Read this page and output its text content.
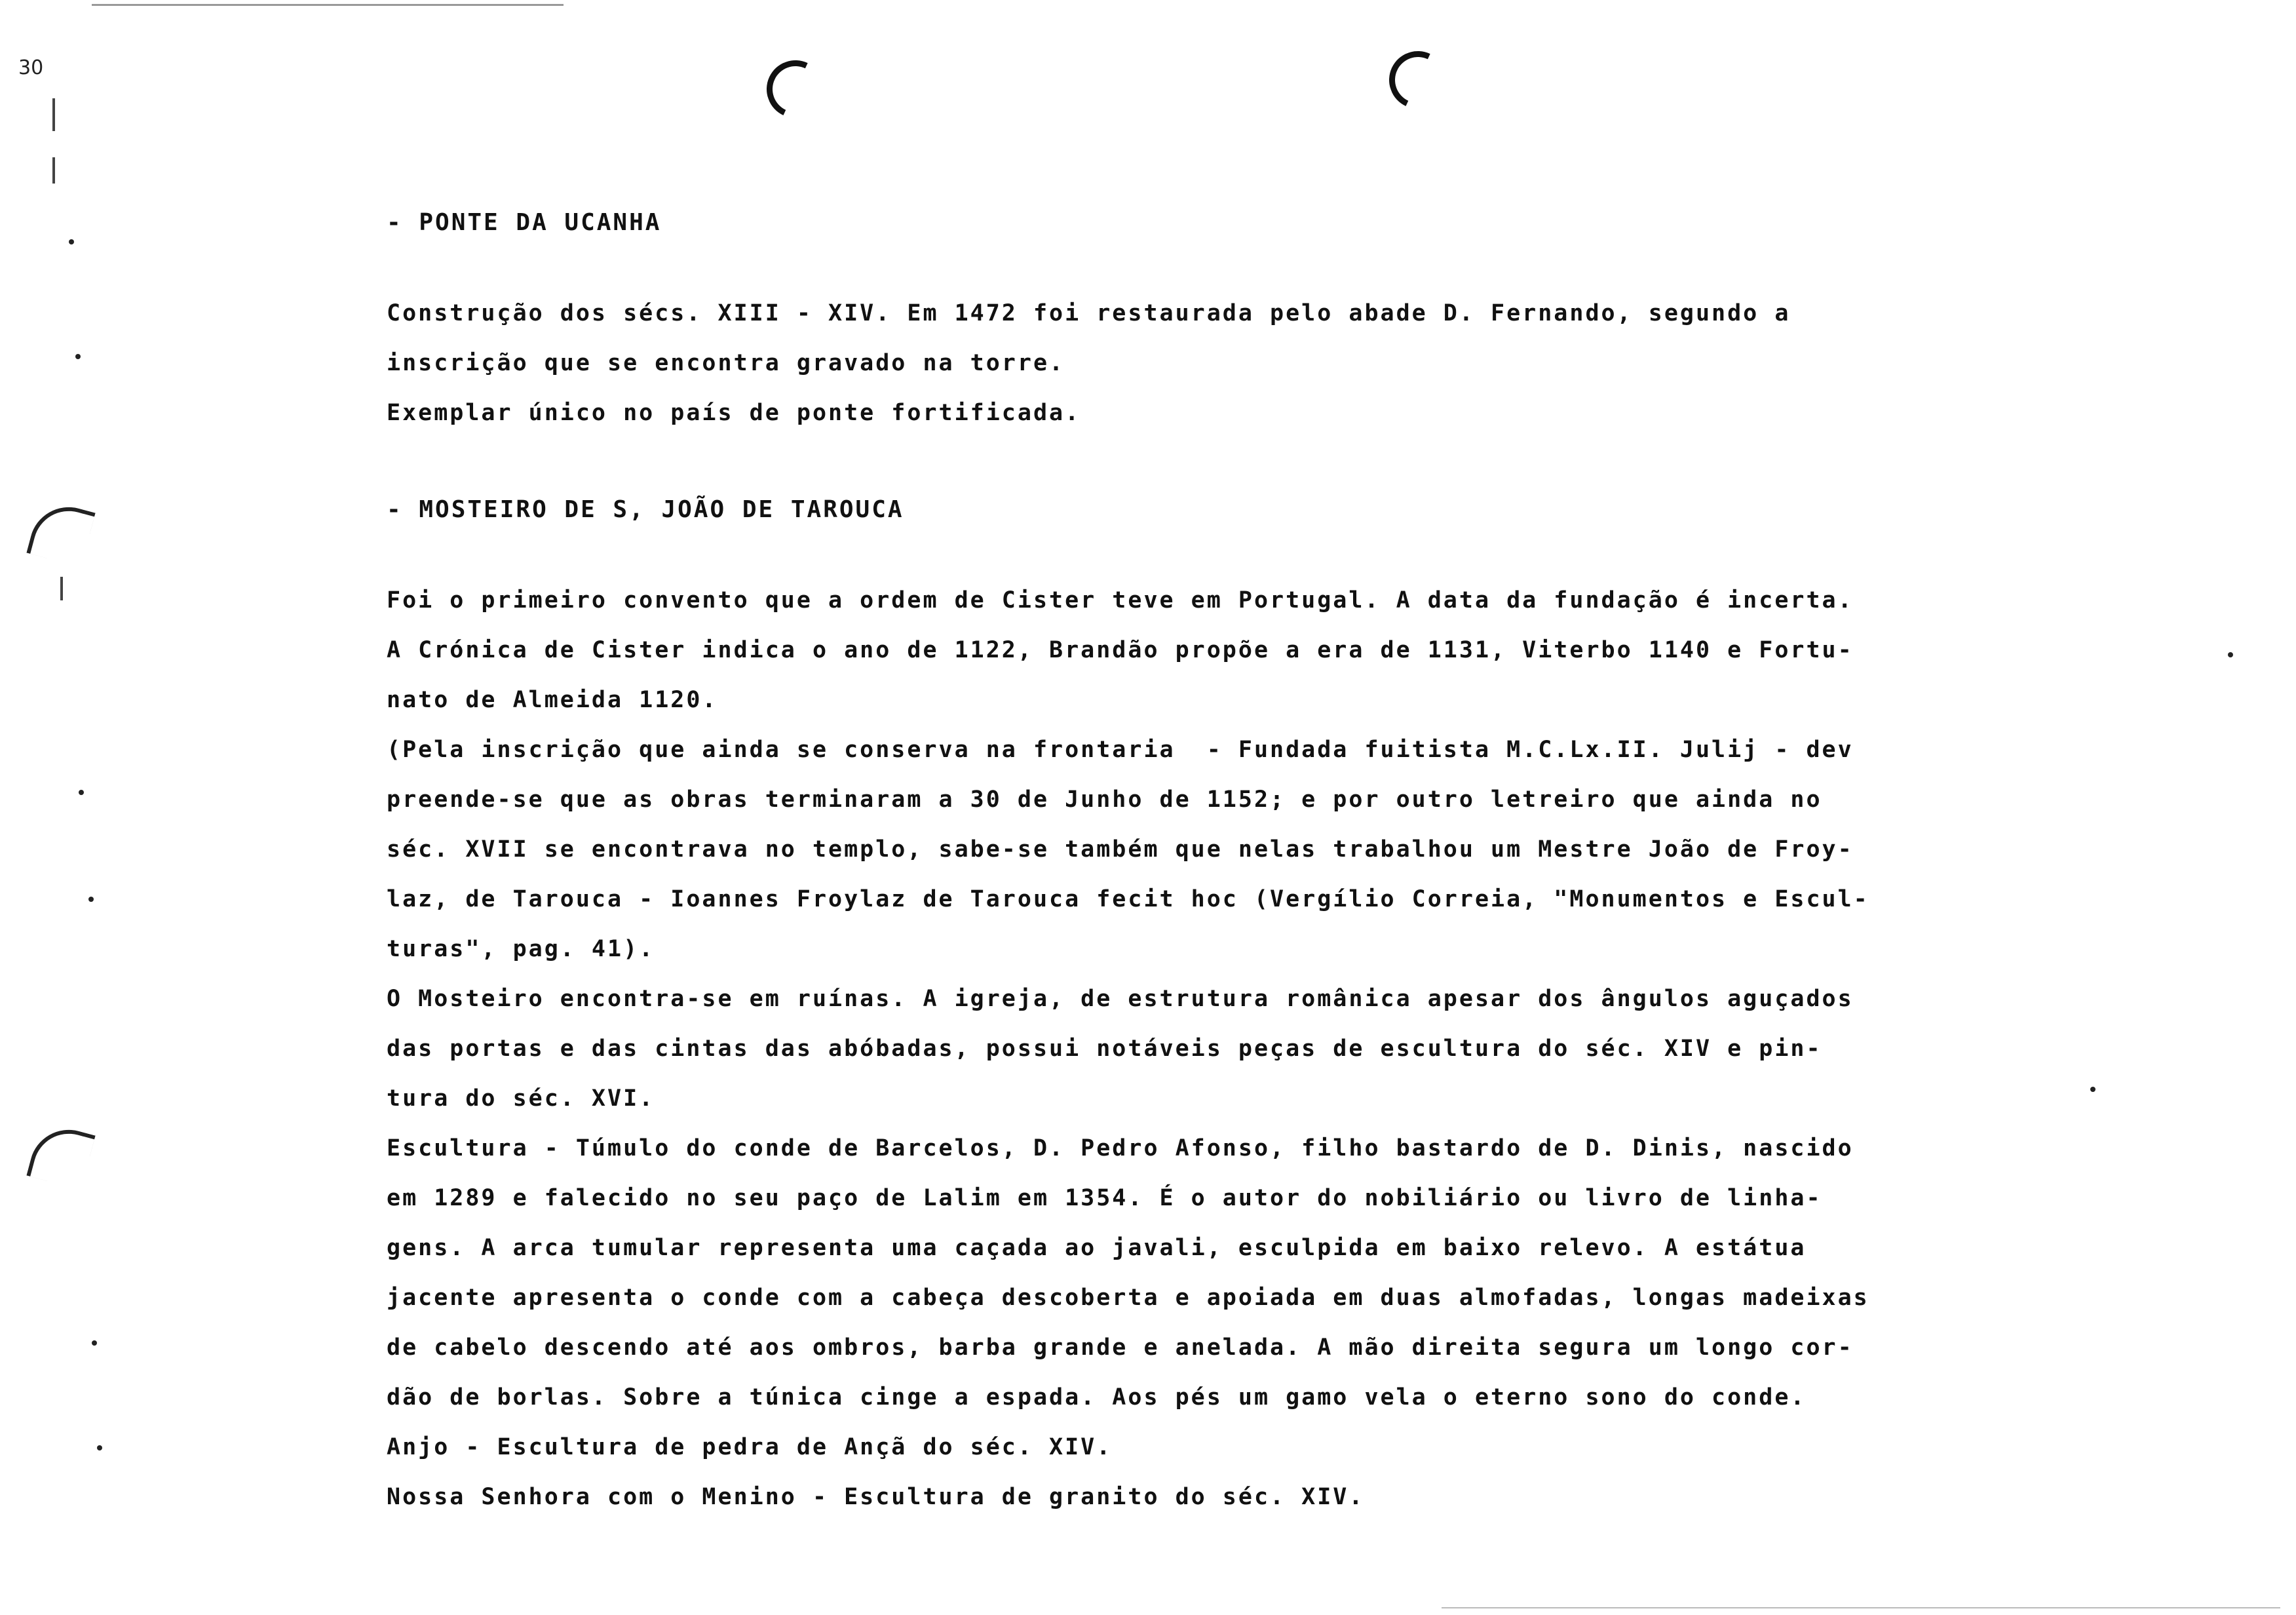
30
- PONTE DA UCANHA

Construção dos sécs. XIII - XIV. Em 1472 foi restaurada pelo abade D. Fernando, segundo a

inscrição que se encontra gravado na torre.

Exemplar único no país de ponte fortificada.

- MOSTEIRO DE S, JOÃO DE TAROUCA

Foi o primeiro convento que a ordem de Cister teve em Portugal. A data da fundação é incerta.

A Crónica de Cister indica o ano de 1122, Brandão propõe a era de 1131, Viterbo 1140 e Fortu-

nato de Almeida 1120.

(Pela inscrição que ainda se conserva na frontaria  - Fundada fuitista M.C.Lx.II. Julij - dev

preende-se que as obras terminaram a 30 de Junho de 1152; e por outro letreiro que ainda no

séc. XVII se encontrava no templo, sabe-se também que nelas trabalhou um Mestre João de Froy-

laz, de Tarouca - Ioannes Froylaz de Tarouca fecit hoc (Vergílio Correia, "Monumentos e Escul-

turas", pag. 41).

O Mosteiro encontra-se em ruínas. A igreja, de estrutura românica apesar dos ângulos aguçados

das portas e das cintas das abóbadas, possui notáveis peças de escultura do séc. XIV e pin-

tura do séc. XVI.

Escultura - Túmulo do conde de Barcelos, D. Pedro Afonso, filho bastardo de D. Dinis, nascido

em 1289 e falecido no seu paço de Lalim em 1354. É o autor do nobiliário ou livro de linha-

gens. A arca tumular representa uma caçada ao javali, esculpida em baixo relevo. A estátua

jacente apresenta o conde com a cabeça descoberta e apoiada em duas almofadas, longas madeixas

de cabelo descendo até aos ombros, barba grande e anelada. A mão direita segura um longo cor-

dão de borlas. Sobre a túnica cinge a espada. Aos pés um gamo vela o eterno sono do conde.

Anjo - Escultura de pedra de Ançã do séc. XIV.

Nossa Senhora com o Menino - Escultura de granito do séc. XIV.
